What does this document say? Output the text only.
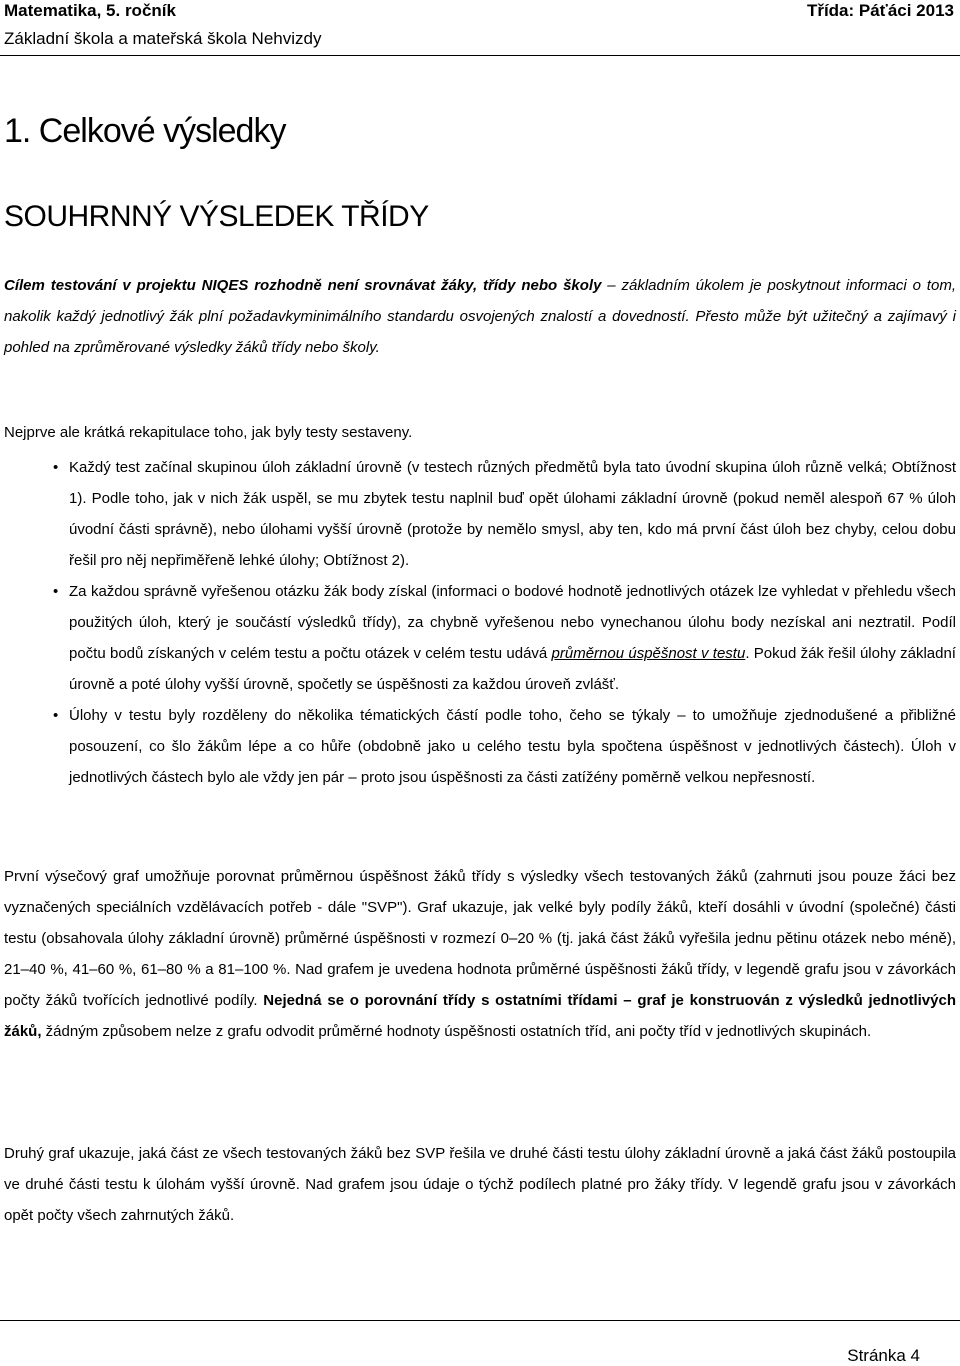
Matematika, 5. ročník
Základní škola a mateřská škola Nehvizdy
Třída: Páťáci 2013
1. Celkové výsledky
SOUHRNNÝ VÝSLEDEK TŘÍDY

Cílem testování v projektu NIQES rozhodně není srovnávat žáky, třídy nebo školy – základním úkolem je poskytnout informaci o tom, nakolik každý jednotlivý žák plní požadavkyminimálního standardu osvojených znalostí a dovedností. Přesto může být užitečný a zajímavý i pohled na zprůměrované výsledky žáků třídy nebo školy.

Nejprve ale krátká rekapitulace toho, jak byly testy sestaveny.

• Každý test začínal skupinou úloh základní úrovně (v testech různých předmětů byla tato úvodní skupina úloh různě velká; Obtížnost 1). Podle toho, jak v nich žák uspěl, se mu zbytek testu naplnil buď opět úlohami základní úrovně (pokud neměl alespoň 67 % úloh úvodní části správně), nebo úlohami vyšší úrovně (protože by nemělo smysl, aby ten, kdo má první část úloh bez chyby, celou dobu řešil pro něj nepřiměřeně lehké úlohy; Obtížnost 2).
• Za každou správně vyřešenou otázku žák body získal (informaci o bodové hodnotě jednotlivých otázek lze vyhledat v přehledu všech použitých úloh, který je součástí výsledků třídy), za chybně vyřešenou nebo vynechanou úlohu body nezískal ani neztratil. Podíl počtu bodů získaných v celém testu a počtu otázek v celém testu udává průměrnou úspěšnost v testu. Pokud žák řešil úlohy základní úrovně a poté úlohy vyšší úrovně, spočetly se úspěšnosti za každou úroveň zvlášť.
• Úlohy v testu byly rozděleny do několika tématických částí podle toho, čeho se týkaly – to umožňuje zjednodušené a přibližné posouzení, co šlo žákům lépe a co hůře (obdobně jako u celého testu byla spočtena úspěšnost v jednotlivých částech). Úloh v jednotlivých částech bylo ale vždy jen pár – proto jsou úspěšnosti za části zatížény poměrně velkou nepřesností.

První výsečový graf umožňuje porovnat průměrnou úspěšnost žáků třídy s výsledky všech testovaných žáků (zahrnuti jsou pouze žáci bez vyznačených speciálních vzdělávacích potřeb - dále "SVP"). Graf ukazuje, jak velké byly podíly žáků, kteří dosáhli v úvodní (společné) části testu (obsahovala úlohy základní úrovně) průměrné úspěšnosti v rozmezí 0–20 % (tj. jaká část žáků vyřešila jednu pětinu otázek nebo méně), 21–40 %, 41–60 %, 61–80 % a 81–100 %. Nad grafem je uvedena hodnota průměrné úspěšnosti žáků třídy, v legendě grafu jsou v závorkách počty žáků tvořících jednotlivé podíly. Nejedná se o porovnání třídy s ostatními třídami – graf je konstruován z výsledků jednotlivých žáků, žádným způsobem nelze z grafu odvodit průměrné hodnoty úspěšnosti ostatních tříd, ani počty tříd v jednotlivých skupinách.

Druhý graf ukazuje, jaká část ze všech testovaných žáků bez SVP řešila ve druhé části testu úlohy základní úrovně a jaká část žáků postoupila ve druhé části testu k úlohám vyšší úrovně. Nad grafem jsou údaje o týchž podílech platné pro žáky třídy. V legendě grafu jsou v závorkách opět počty všech zahrnutých žáků.

Stránka 4
